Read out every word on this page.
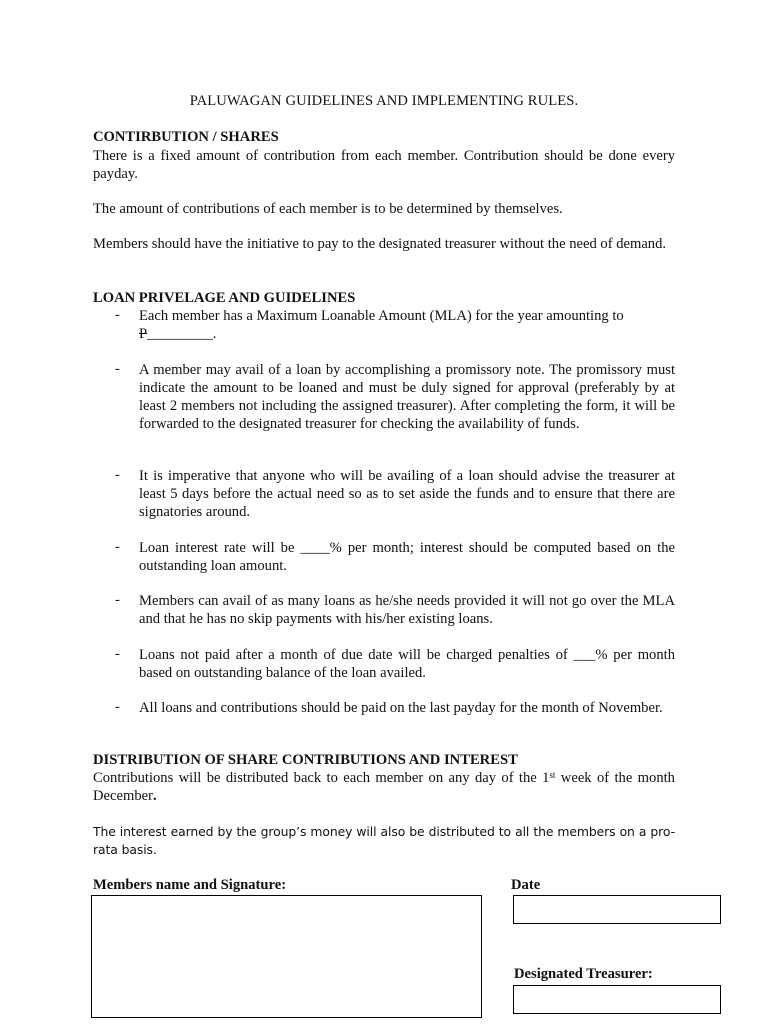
PALUWAGAN GUIDELINES AND IMPLEMENTING RULES.
CONTIRBUTION / SHARES
There is a fixed amount of contribution from each member. Contribution should be done every payday.
The amount of contributions of each member is to be determined by themselves.
Members should have the initiative to pay to the designated treasurer without the need of demand.
LOAN PRIVELAGE AND GUIDELINES
- Each member has a Maximum Loanable Amount (MLA) for the year amounting to
P_________.
- A member may avail of a loan by accomplishing a promissory note. The promissory must indicate the amount to be loaned and must be duly signed for approval (preferably by at least 2 members not including the assigned treasurer). After completing the form, it will be forwarded to the designated treasurer for checking the availability of funds.
- It is imperative that anyone who will be availing of a loan should advise the treasurer at least 5 days before the actual need so as to set aside the funds and to ensure that there are signatories around.
- Loan interest rate will be ____% per month; interest should be computed based on the outstanding loan amount.
- Members can avail of as many loans as he/she needs provided it will not go over the MLA and that he has no skip payments with his/her existing loans.
- Loans not paid after a month of due date will be charged penalties of ___% per month based on outstanding balance of the loan availed.
- All loans and contributions should be paid on the last payday for the month of November.
DISTRIBUTION OF SHARE CONTRIBUTIONS AND INTEREST
Contributions will be distributed back to each member on any day of the 1st week of the month December.
The interest earned by the group’s money will also be distributed to all the members on a pro-rata basis.
Members name and Signature:	Date
Designated Treasurer:
